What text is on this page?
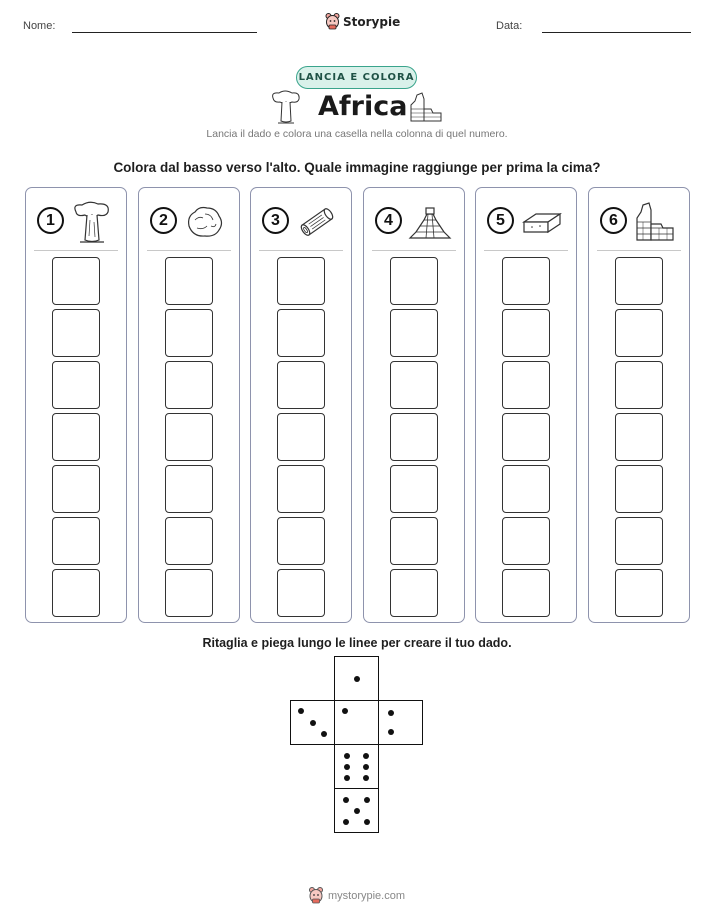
Nome:	Storypie	Data:
LANCIA E COLORA
Africa
Lancia il dado e colora una casella nella colonna di quel numero.
Colora dal basso verso l'alto. Quale immagine raggiunge per prima la cima?
1	2	3	4	5	6
Ritaglia e piega lungo le linee per creare il tuo dado.
mystorypie.com
